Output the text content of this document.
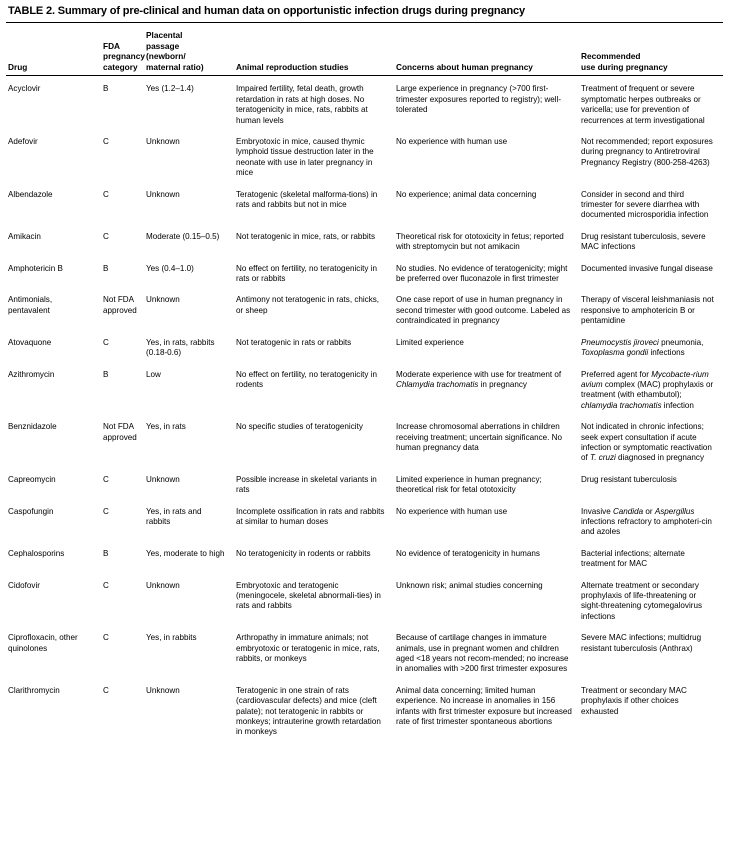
TABLE 2. Summary of pre-clinical and human data on opportunistic infection drugs during pregnancy

Drug	FDA
pregnancy
category	Placental
passage
(newborn/
maternal ratio)	Animal reproduction studies	Concerns about human pregnancy	Recommended
use during pregnancy

Acyclovir	B	Yes (1.2–1.4)	Impaired fertility, fetal death, growth retardation in rats at high doses. No teratogenicity in mice, rats, rabbits at human levels	Large experience in pregnancy (>700 first-trimester exposures reported to registry); well-tolerated	Treatment of frequent or severe symptomatic herpes outbreaks or varicella; use for prevention of recurrences at term investigational

Adefovir	C	Unknown	Embryotoxic in mice, caused thymic lymphoid tissue destruction later in the neonate with use in later pregnancy in mice	No experience with human use	Not recommended; report exposures during pregnancy to Antiretroviral Pregnancy Registry (800-258-4263)

Albendazole	C	Unknown	Teratogenic (skeletal malforma-tions) in rats and rabbits but not in mice	No experience; animal data concerning	Consider in second and third trimester for severe diarrhea with documented microsporidia infection

Amikacin	C	Moderate (0.15–0.5)	Not teratogenic in mice, rats, or rabbits	Theoretical risk for ototoxicity in fetus; reported with streptomycin but not amikacin	Drug resistant tuberculosis, severe MAC infections

Amphotericin B	B	Yes (0.4–1.0)	No effect on fertility, no teratogenicity in rats or rabbits	No studies. No evidence of teratogenicity; might be preferred over fluconazole in first trimester	Documented invasive fungal disease

Antimonials, pentavalent	Not FDA approved	Unknown	Antimony not teratogenic in rats, chicks, or sheep	One case report of use in human pregnancy in second trimester with good outcome. Labeled as contraindicated in pregnancy	Therapy of visceral leishmaniasis not responsive to amphotericin B or pentamidine

Atovaquone	C	Yes, in rats, rabbits (0.18-0.6)	Not teratogenic in rats or rabbits	Limited experience	Pneumocystis jiroveci pneumonia, Toxoplasma gondii infections

Azithromycin	B	Low	No effect on fertility, no teratogenicity in rodents	Moderate experience with use for treatment of Chlamydia trachomatis in pregnancy	Preferred agent for Mycobacte-rium avium complex (MAC) prophylaxis or treatment (with ethambutol); chlamydia trachomatis infection

Benznidazole	Not FDA approved	Yes, in rats	No specific studies of teratogenicity	Increase chromosomal aberrations in children receiving treatment; uncertain significance. No human pregnancy data	Not indicated in chronic infections; seek expert consultation if acute infection or symptomatic reactivation of T. cruzi diagnosed in pregnancy

Capreomycin	C	Unknown	Possible increase in skeletal variants in rats	Limited experience in human pregnancy; theoretical risk for fetal ototoxicity	Drug resistant tuberculosis

Caspofungin	C	Yes, in rats and rabbits	Incomplete ossification in rats and rabbits at similar to human doses	No experience with human use	Invasive Candida or Aspergillus infections refractory to amphoteri-cin and azoles

Cephalosporins	B	Yes, moderate to high	No teratogenicity in rodents or rabbits	No evidence of teratogenicity in humans	Bacterial infections; alternate treatment for MAC

Cidofovir	C	Unknown	Embryotoxic and teratogenic (meningocele, skeletal abnormali-ties) in rats and rabbits	Unknown risk; animal studies concerning	Alternate treatment or secondary prophylaxis of life-threatening or sight-threatening cytomegalovirus infections

Ciprofloxacin, other quinolones	C	Yes, in rabbits	Arthropathy in immature animals; not embryotoxic or teratogenic in mice, rats, rabbits, or monkeys	Because of cartilage changes in immature animals, use in pregnant women and children aged <18 years not recom-mended; no increase in anomalies with >200 first trimester exposures	Severe MAC infections; multidrug resistant tuberculosis (Anthrax)

Clarithromycin	C	Unknown	Teratogenic in one strain of rats (cardiovascular defects) and mice (cleft palate); not teratogenic in rabbits or monkeys; intrauterine growth retardation in monkeys	Animal data concerning; limited human experience. No increase in anomalies in 156 infants with first trimester exposure but increased rate of first trimester spontaneous abortions	Treatment or secondary MAC prophylaxis if other choices exhausted
